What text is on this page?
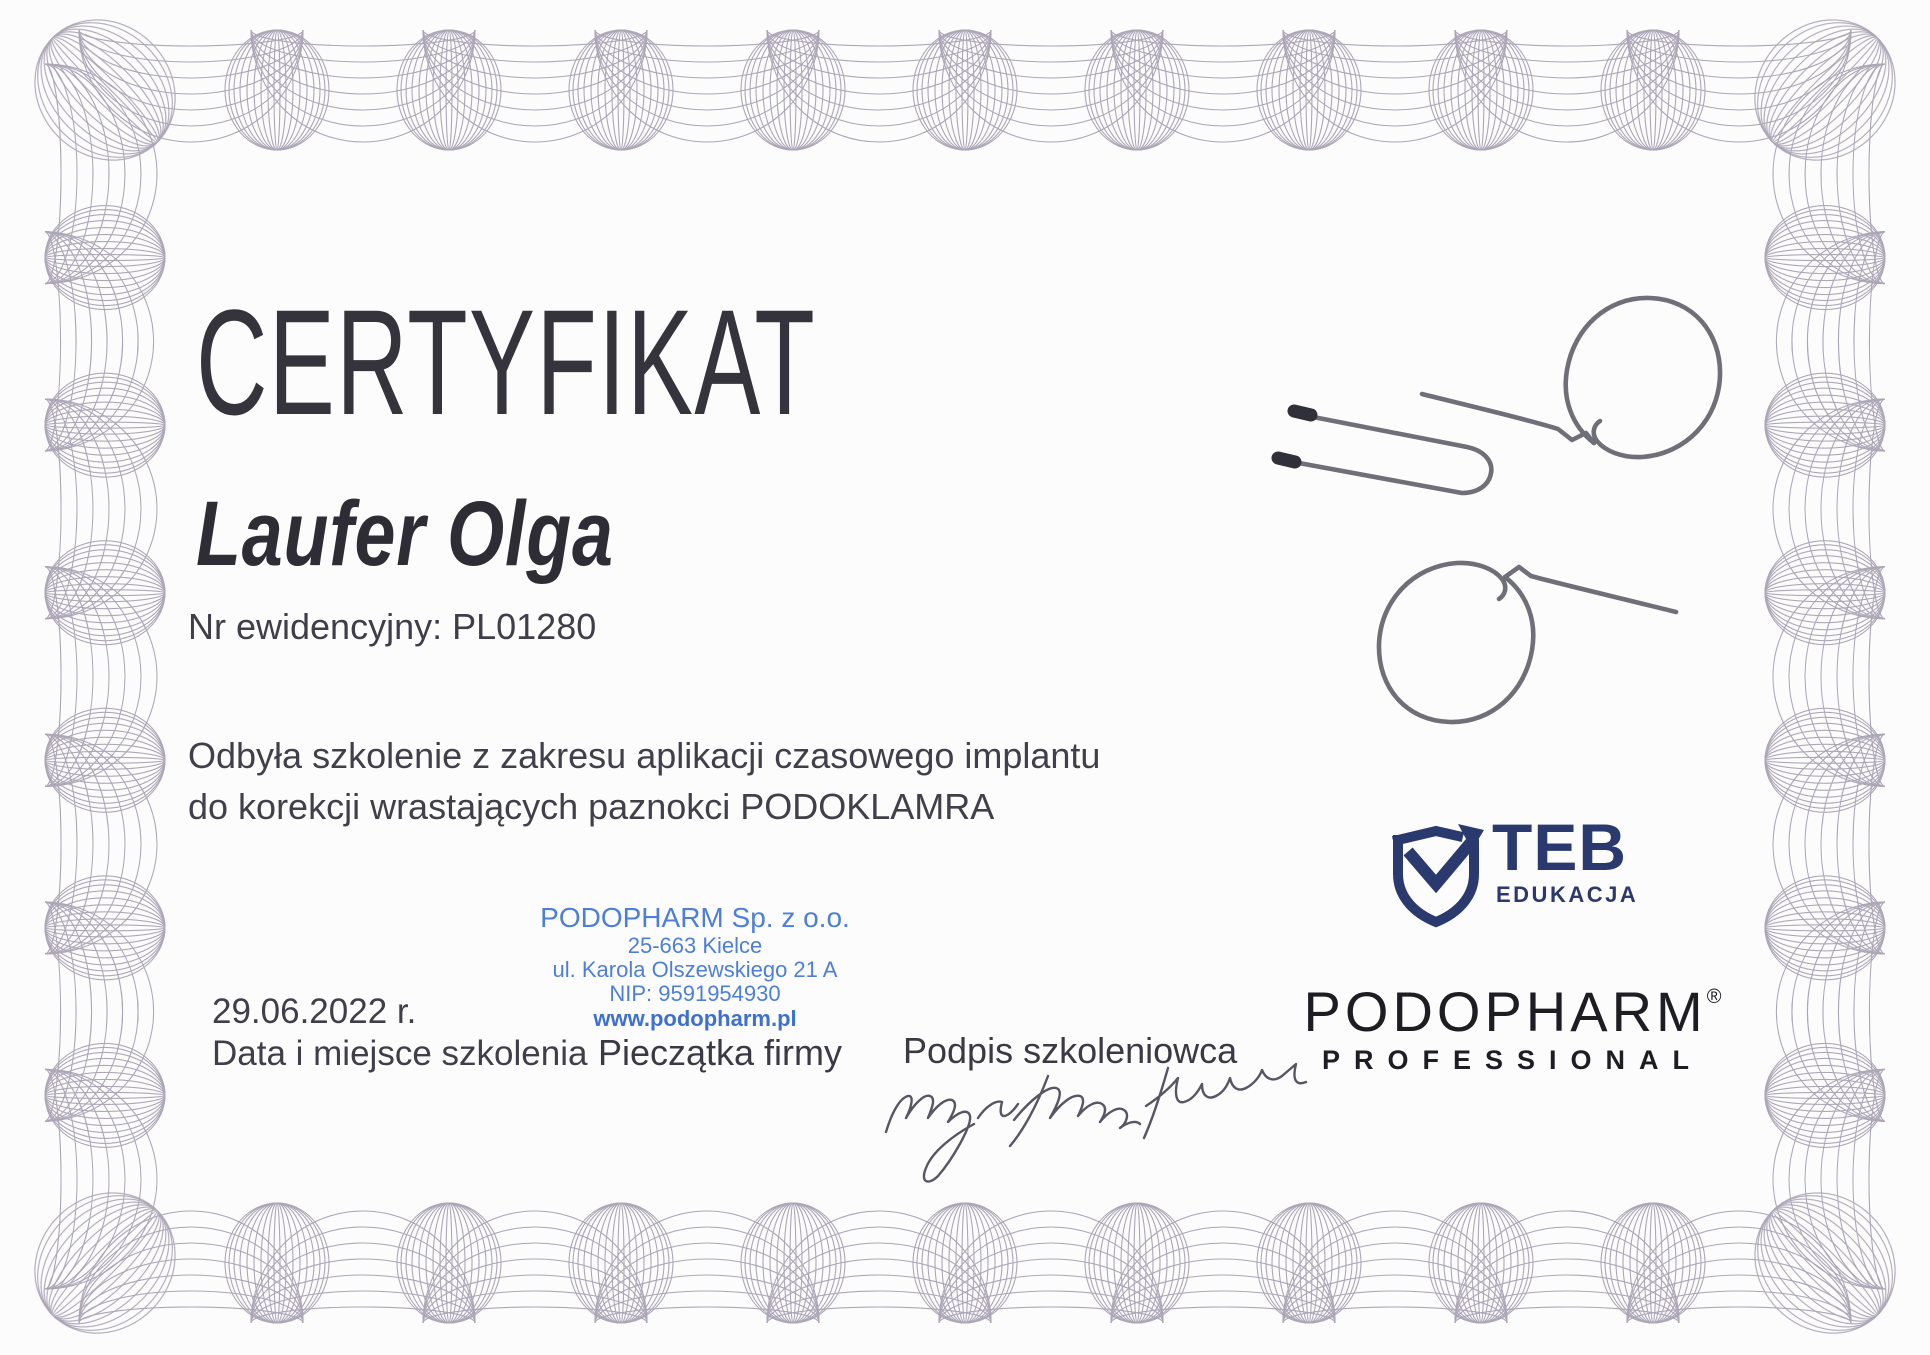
CERTYFIKAT
Laufer Olga
Nr ewidencyjny: PL01280
Odbyła szkolenie z zakresu aplikacji czasowego implantu
do korekcji wrastających paznokci PODOKLAMRA
29.06.2022 r.
Data i miejsce szkolenia
PODOPHARM Sp. z o.o.
25-663 Kielce
ul. Karola Olszewskiego 21 A
NIP: 9591954930
www.podopharm.pl
Pieczątka firmy	Podpis szkoleniowca
TEB
EDUKACJA
PODOPHARM®
PROFESSIONAL
